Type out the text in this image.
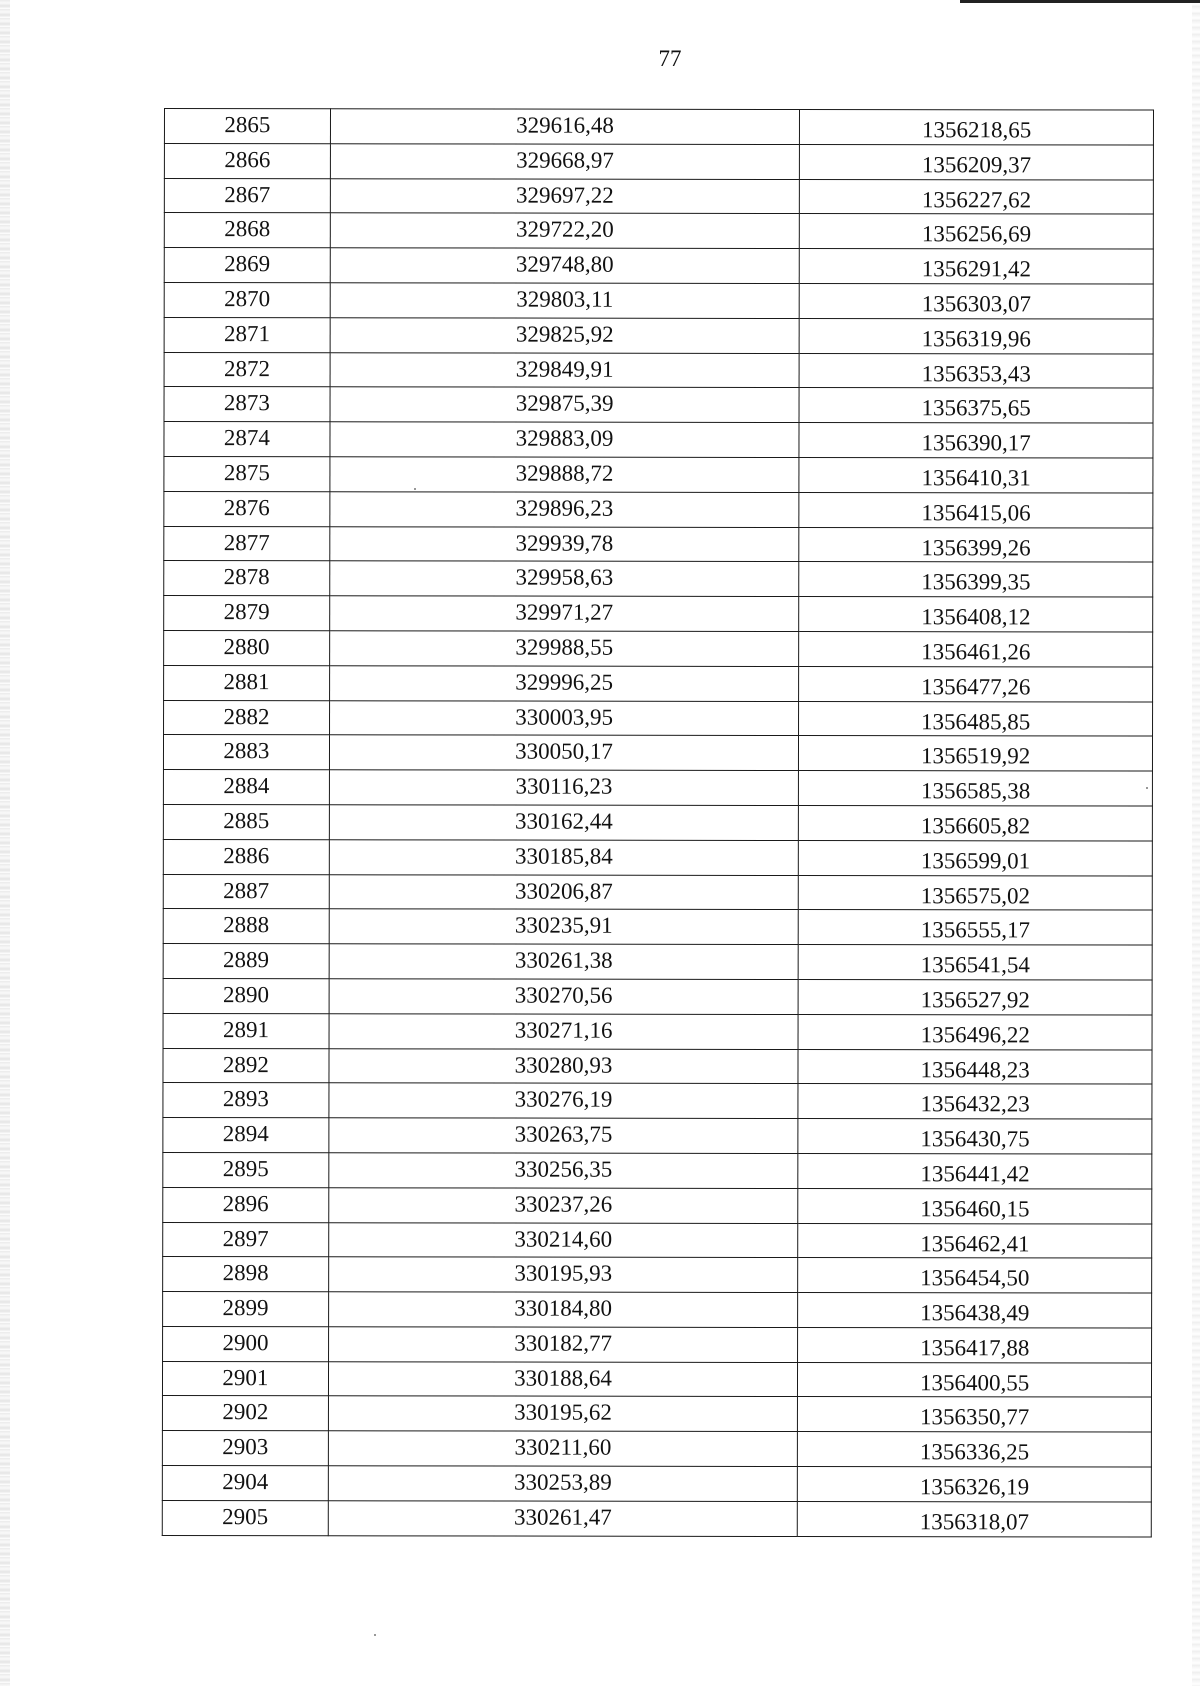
77
2865	329616,48	1356218,65
2866	329668,97	1356209,37
2867	329697,22	1356227,62
2868	329722,20	1356256,69
2869	329748,80	1356291,42
2870	329803,11	1356303,07
2871	329825,92	1356319,96
2872	329849,91	1356353,43
2873	329875,39	1356375,65
2874	329883,09	1356390,17
2875	329888,72	1356410,31
2876	329896,23	1356415,06
2877	329939,78	1356399,26
2878	329958,63	1356399,35
2879	329971,27	1356408,12
2880	329988,55	1356461,26
2881	329996,25	1356477,26
2882	330003,95	1356485,85
2883	330050,17	1356519,92
2884	330116,23	1356585,38
2885	330162,44	1356605,82
2886	330185,84	1356599,01
2887	330206,87	1356575,02
2888	330235,91	1356555,17
2889	330261,38	1356541,54
2890	330270,56	1356527,92
2891	330271,16	1356496,22
2892	330280,93	1356448,23
2893	330276,19	1356432,23
2894	330263,75	1356430,75
2895	330256,35	1356441,42
2896	330237,26	1356460,15
2897	330214,60	1356462,41
2898	330195,93	1356454,50
2899	330184,80	1356438,49
2900	330182,77	1356417,88
2901	330188,64	1356400,55
2902	330195,62	1356350,77
2903	330211,60	1356336,25
2904	330253,89	1356326,19
2905	330261,47	1356318,07
